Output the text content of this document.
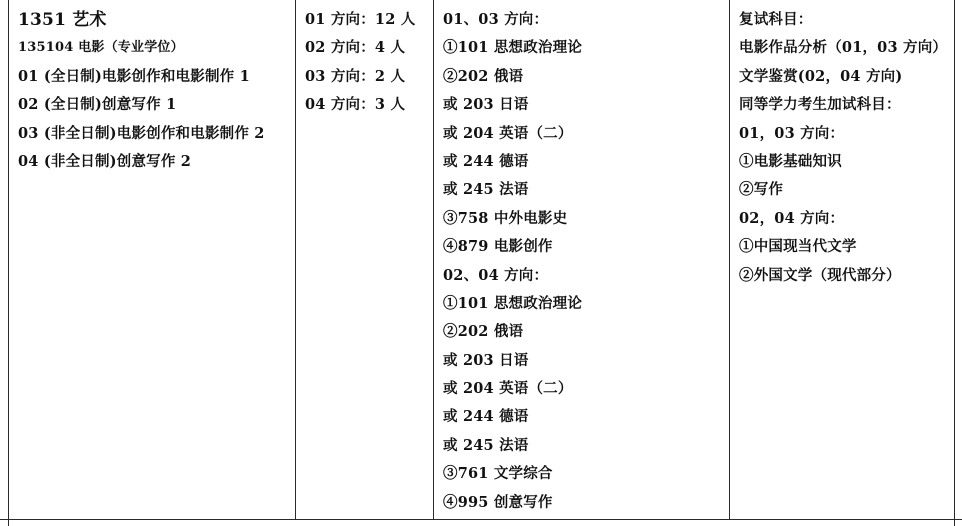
1351 艺术
135104 电影（专业学位）
01 (全日制)电影创作和电影制作 1
02 (全日制)创意写作 1
03 (非全日制)电影创作和电影制作 2
04 (非全日制)创意写作 2
01 方向：12 人
02 方向：4 人
03 方向：2 人
04 方向：3 人
01、03 方向：
①101 思想政治理论
②202 俄语
或 203 日语
或 204 英语（二）
或 244 德语
或 245 法语
③758 中外电影史
④879 电影创作
02、04 方向：
①101 思想政治理论
②202 俄语
或 203 日语
或 204 英语（二）
或 244 德语
或 245 法语
③761 文学综合
④995 创意写作
复试科目：
电影作品分析（01，03 方向）
文学鉴赏(02，04 方向)
同等学力考生加试科目：
01，03 方向：
①电影基础知识
②写作
02，04 方向：
①中国现当代文学
②外国文学（现代部分）
